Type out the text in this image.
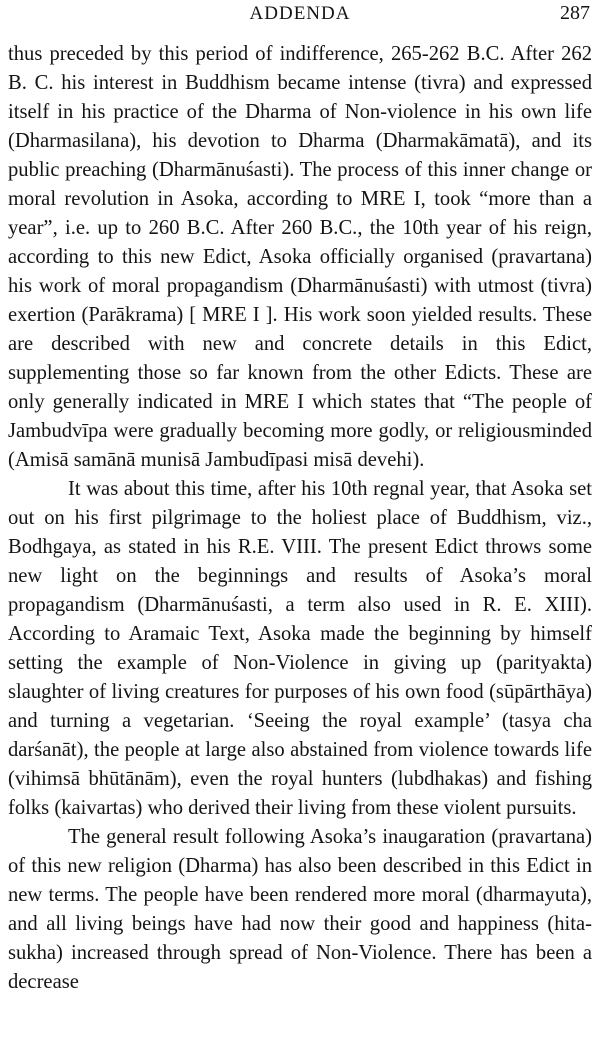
ADDENDA	287

thus preceded by this period of indifference, 265-262 B.C. After 262 B. C. his interest in Buddhism became intense (tivra) and expressed itself in his practice of the Dharma of Non-violence in his own life (Dharmasilana), his devotion to Dharma (Dharmakāmatā), and its public preaching (Dharmānuśasti). The process of this inner change or moral revolution in Asoka, according to MRE I, took “more than a year”, i.e. up to 260 B.C. After 260 B.C., the 10th year of his reign, according to this new Edict, Asoka officially organised (pravartana) his work of moral propagandism (Dharmānuśasti) with utmost (tivra) exertion (Parākrama) [ MRE I ]. His work soon yielded results. These are described with new and concrete details in this Edict, supplementing those so far known from the other Edicts. These are only generally indicated in MRE I which states that “The people of Jambudvīpa were gradually becoming more godly, or religiousminded (Amisā samānā munisā Jambudīpasi misā devehi).

It was about this time, after his 10th regnal year, that Asoka set out on his first pilgrimage to the holiest place of Buddhism, viz., Bodhgaya, as stated in his R.E. VIII. The present Edict throws some new light on the beginnings and results of Asoka’s moral propagandism (Dharmānuśasti, a term also used in R. E. XIII). According to Aramaic Text, Asoka made the beginning by himself setting the example of Non-Violence in giving up (parityakta) slaughter of living creatures for purposes of his own food (sūpārthāya) and turning a vegetarian. ‘Seeing the royal example’ (tasya cha darśanāt), the people at large also abstained from violence towards life (vihimsā bhūtānām), even the royal hunters (lubdhakas) and fishing folks (kaivartas) who derived their living from these violent pursuits.

The general result following Asoka’s inaugaration (pravartana) of this new religion (Dharma) has also been described in this Edict in new terms. The people have been rendered more moral (dharmayuta), and all living beings have had now their good and happiness (hita-sukha) increased through spread of Non-Violence. There has been a decrease
